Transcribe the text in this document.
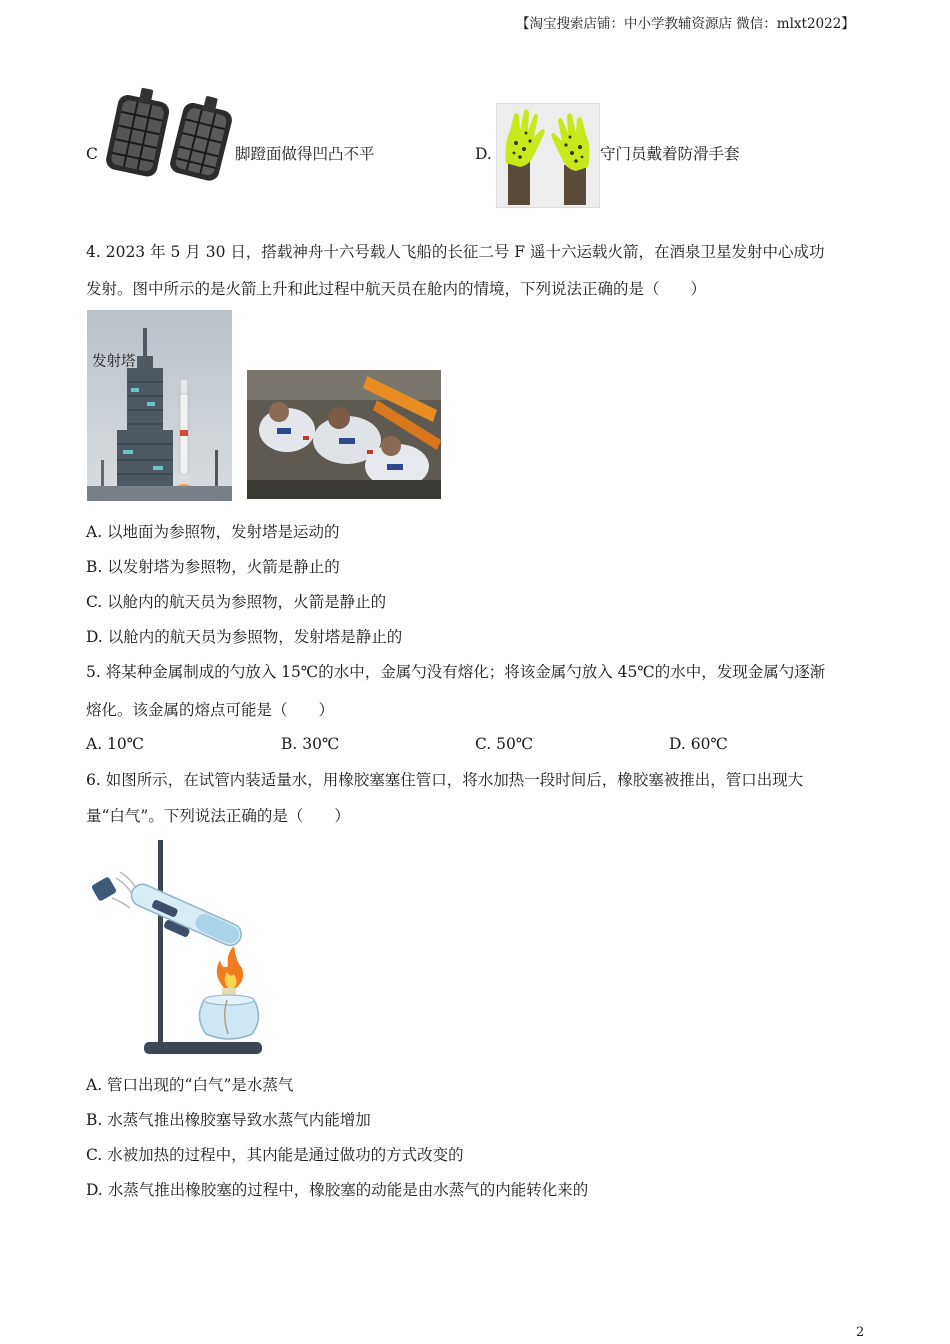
【淘宝搜索店铺：中小学教辅资源店 微信：mlxt2022】
C	脚蹬面做得凹凸不平	D.	守门员戴着防滑手套
4. 2023 年 5 月 30 日，搭载神舟十六号载人飞船的长征二号 F 遥十六运载火箭，在酒泉卫星发射中心成功
发射。图中所示的是火箭上升和此过程中航天员在舱内的情境，下列说法正确的是（　　）
发射塔
A. 以地面为参照物，发射塔是运动的
B. 以发射塔为参照物，火箭是静止的
C. 以舱内的航天员为参照物，火箭是静止的
D. 以舱内的航天员为参照物，发射塔是静止的
5. 将某种金属制成的勺放入 15℃的水中，金属勺没有熔化；将该金属勺放入 45℃的水中，发现金属勺逐渐
熔化。该金属的熔点可能是（　　）
A. 10℃	B. 30℃	C. 50℃	D. 60℃
6. 如图所示，在试管内装适量水，用橡胶塞塞住管口，将水加热一段时间后，橡胶塞被推出，管口出现大
量“白气”。下列说法正确的是（　　）
A. 管口出现的“白气”是水蒸气
B. 水蒸气推出橡胶塞导致水蒸气内能增加
C. 水被加热的过程中，其内能是通过做功的方式改变的
D. 水蒸气推出橡胶塞的过程中，橡胶塞的动能是由水蒸气的内能转化来的
2
